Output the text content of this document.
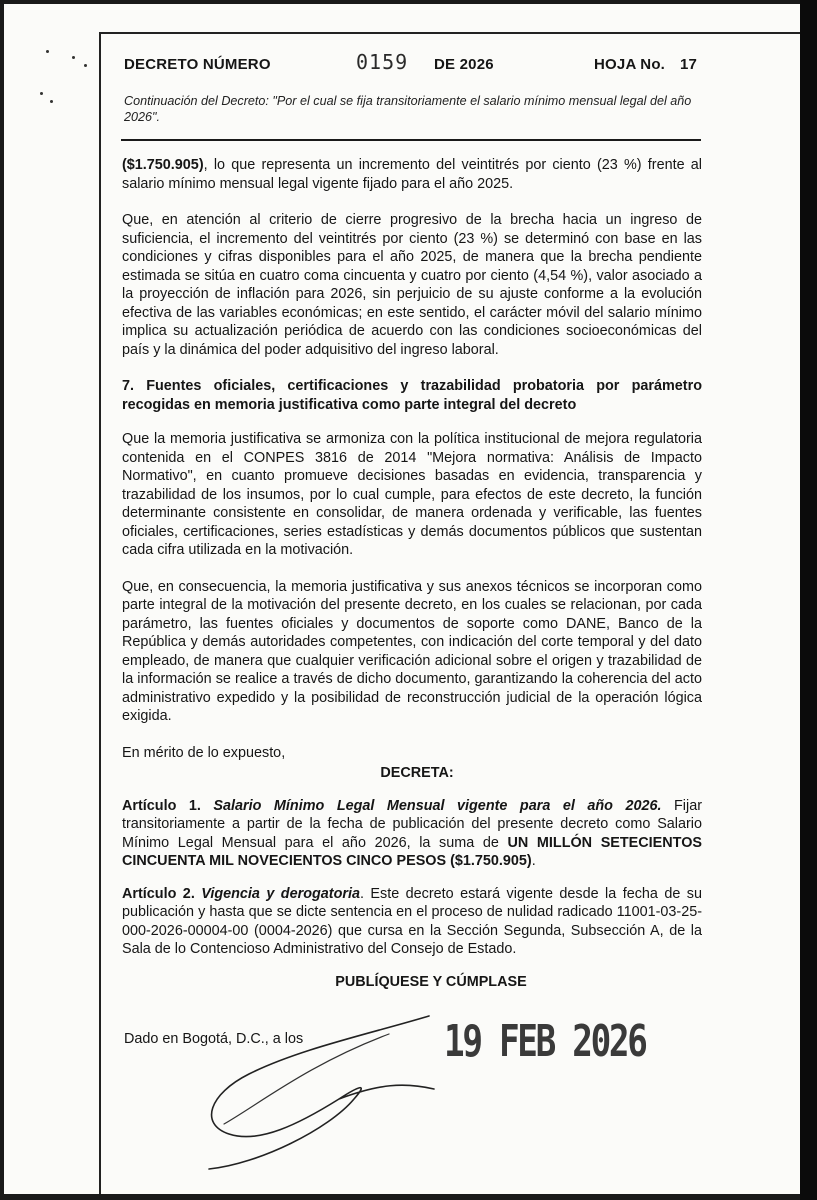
DECRETO NÚMERO	0159 DE 2026	HOJA No. 17
Continuación del Decreto: "Por el cual se fija transitoriamente el salario mínimo mensual legal del año 2026".

($1.750.905), lo que representa un incremento del veintitrés por ciento (23 %) frente al salario mínimo mensual legal vigente fijado para el año 2025.

Que, en atención al criterio de cierre progresivo de la brecha hacia un ingreso de suficiencia, el incremento del veintitrés por ciento (23 %) se determinó con base en las condiciones y cifras disponibles para el año 2025, de manera que la brecha pendiente estimada se sitúa en cuatro coma cincuenta y cuatro por ciento (4,54 %), valor asociado a la proyección de inflación para 2026, sin perjuicio de su ajuste conforme a la evolución efectiva de las variables económicas; en este sentido, el carácter móvil del salario mínimo implica su actualización periódica de acuerdo con las condiciones socioeconómicas del país y la dinámica del poder adquisitivo del ingreso laboral.

7. Fuentes oficiales, certificaciones y trazabilidad probatoria por parámetro recogidas en memoria justificativa como parte integral del decreto

Que la memoria justificativa se armoniza con la política institucional de mejora regulatoria contenida en el CONPES 3816 de 2014 "Mejora normativa: Análisis de Impacto Normativo", en cuanto promueve decisiones basadas en evidencia, transparencia y trazabilidad de los insumos, por lo cual cumple, para efectos de este decreto, la función determinante consistente en consolidar, de manera ordenada y verificable, las fuentes oficiales, certificaciones, series estadísticas y demás documentos públicos que sustentan cada cifra utilizada en la motivación.

Que, en consecuencia, la memoria justificativa y sus anexos técnicos se incorporan como parte integral de la motivación del presente decreto, en los cuales se relacionan, por cada parámetro, las fuentes oficiales y documentos de soporte como DANE, Banco de la República y demás autoridades competentes, con indicación del corte temporal y del dato empleado, de manera que cualquier verificación adicional sobre el origen y trazabilidad de la información se realice a través de dicho documento, garantizando la coherencia del acto administrativo expedido y la posibilidad de reconstrucción judicial de la operación lógica exigida.

En mérito de lo expuesto,

DECRETA:

Artículo 1. Salario Mínimo Legal Mensual vigente para el año 2026. Fijar transitoriamente a partir de la fecha de publicación del presente decreto como Salario Mínimo Legal Mensual para el año 2026, la suma de UN MILLÓN SETECIENTOS CINCUENTA MIL NOVECIENTOS CINCO PESOS ($1.750.905).

Artículo 2. Vigencia y derogatoria. Este decreto estará vigente desde la fecha de su publicación y hasta que se dicte sentencia en el proceso de nulidad radicado 11001-03-25-000-2026-00004-00 (0004-2026) que cursa en la Sección Segunda, Subsección A, de la Sala de lo Contencioso Administrativo del Consejo de Estado.

PUBLÍQUESE Y CÚMPLASE

Dado en Bogotá, D.C., a los	19 FEB 2026
